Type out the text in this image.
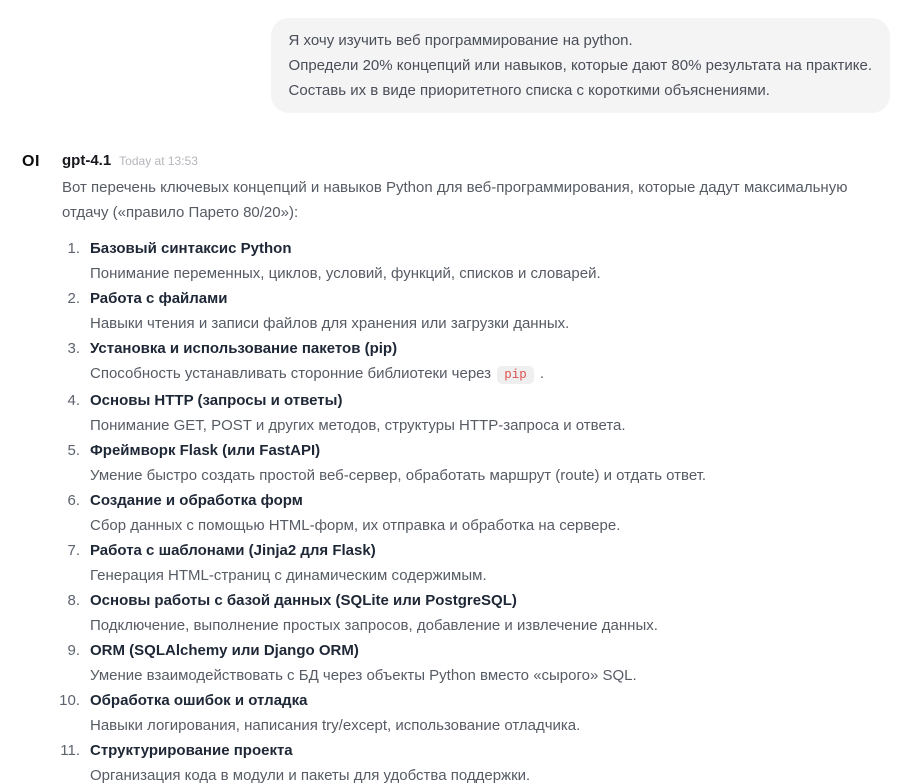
Я хочу изучить веб программирование на python.
Определи 20% концепций или навыков, которые дают 80% результата на практике.
Составь их в виде приоритетного списка с короткими объяснениями.
OI gpt-4.1 Today at 13:53
Вот перечень ключевых концепций и навыков Python для веб-программирования, которые дадут максимальную отдачу («правило Парето 80/20»):
Базовый синтаксис Python
Понимание переменных, циклов, условий, функций, списков и словарей.
Работа с файлами
Навыки чтения и записи файлов для хранения или загрузки данных.
Установка и использование пакетов (pip)
Способность устанавливать сторонние библиотеки через pip .
Основы HTTP (запросы и ответы)
Понимание GET, POST и других методов, структуры HTTP-запроса и ответа.
Фреймворк Flask (или FastAPI)
Умение быстро создать простой веб-сервер, обработать маршрут (route) и отдать ответ.
Создание и обработка форм
Сбор данных с помощью HTML-форм, их отправка и обработка на сервере.
Работа с шаблонами (Jinja2 для Flask)
Генерация HTML-страниц с динамическим содержимым.
Основы работы с базой данных (SQLite или PostgreSQL)
Подключение, выполнение простых запросов, добавление и извлечение данных.
ORM (SQLAlchemy или Django ORM)
Умение взаимодействовать с БД через объекты Python вместо «сырого» SQL.
Обработка ошибок и отладка
Навыки логирования, написания try/except, использование отладчика.
Структурирование проекта
Организация кода в модули и пакеты для удобства поддержки.
